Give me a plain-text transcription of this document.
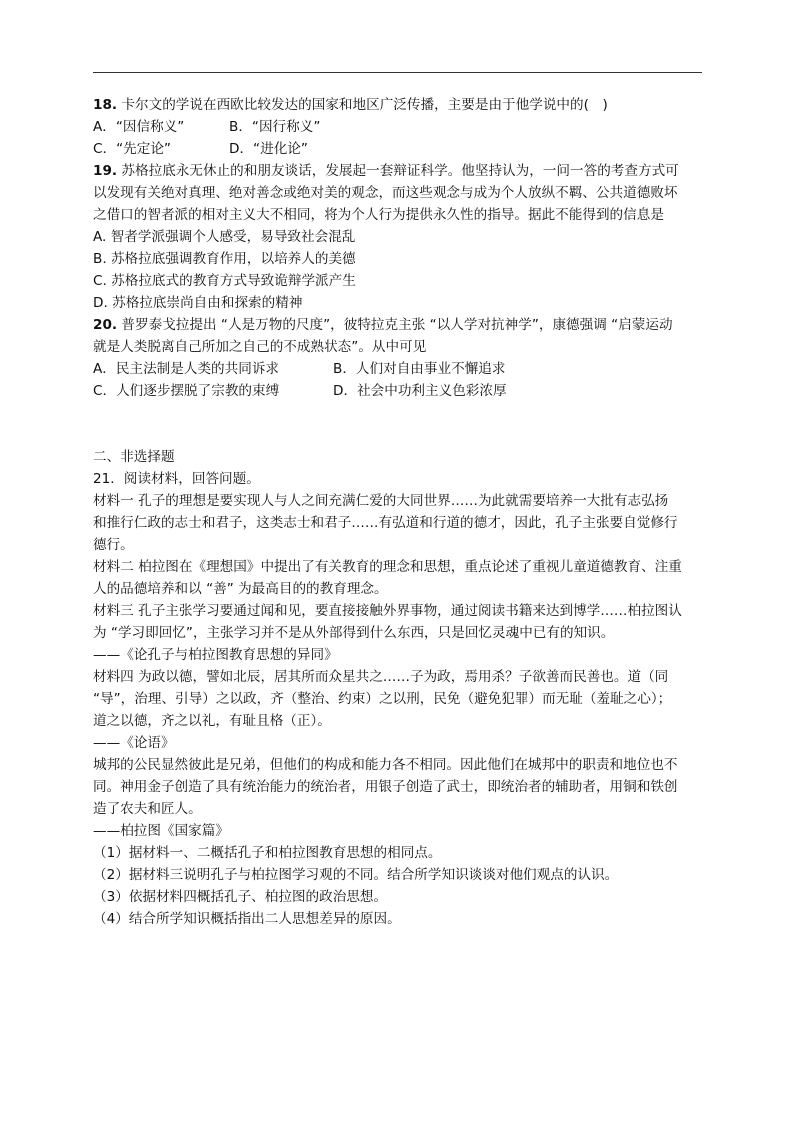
18. 卡尔文的学说在西欧比较发达的国家和地区广泛传播，主要是由于他学说中的(　)
A．“因信称义”	B．“因行称义”
C．“先定论”	D．“进化论”
19. 苏格拉底永无休止的和朋友谈话，发展起一套辩证科学。他坚持认为，一问一答的考查方式可
以发现有关绝对真理、绝对善念或绝对美的观念，而这些观念与成为个人放纵不羁、公共道德败坏
之借口的智者派的相对主义大不相同，将为个人行为提供永久性的指导。据此不能得到的信息是
A. 智者学派强调个人感受，易导致社会混乱
B. 苏格拉底强调教育作用，以培养人的美德
C. 苏格拉底式的教育方式导致诡辩学派产生
D. 苏格拉底崇尚自由和探索的精神
20. 普罗泰戈拉提出 “人是万物的尺度”，彼特拉克主张 “以人学对抗神学”，康德强调 “启蒙运动
就是人类脱离自己所加之自己的不成熟状态”。从中可见
A．民主法制是人类的共同诉求	B．人们对自由事业不懈追求
C．人们逐步摆脱了宗教的束缚	D．社会中功利主义色彩浓厚
二、非选择题
21．阅读材料，回答问题。
材料一 孔子的理想是要实现人与人之间充满仁爱的大同世界……为此就需要培养一大批有志弘扬
和推行仁政的志士和君子，这类志士和君子……有弘道和行道的德才，因此，孔子主张要自觉修行
德行。
材料二 柏拉图在《理想国》中提出了有关教育的理念和思想，重点论述了重视儿童道德教育、注重
人的品德培养和以 “善” 为最高目的的教育理念。
材料三 孔子主张学习要通过闻和见，要直接接触外界事物，通过阅读书籍来达到博学……柏拉图认
为 “学习即回忆”，主张学习并不是从外部得到什么东西，只是回忆灵魂中已有的知识。
——《论孔子与柏拉图教育思想的异同》
材料四 为政以德，譬如北辰，居其所而众星共之……子为政，焉用杀？子欲善而民善也。道（同
“导”，治理、引导）之以政，齐（整治、约束）之以刑，民免（避免犯罪）而无耻（羞耻之心）；
道之以德，齐之以礼，有耻且格（正）。
——《论语》
城邦的公民显然彼此是兄弟，但他们的构成和能力各不相同。因此他们在城邦中的职责和地位也不
同。神用金子创造了具有统治能力的统治者，用银子创造了武士，即统治者的辅助者，用铜和铁创
造了农夫和匠人。
——柏拉图《国家篇》
（1）据材料一、二概括孔子和柏拉图教育思想的相同点。
（2）据材料三说明孔子与柏拉图学习观的不同。结合所学知识谈谈对他们观点的认识。
（3）依据材料四概括孔子、柏拉图的政治思想。
（4）结合所学知识概括指出二人思想差异的原因。
